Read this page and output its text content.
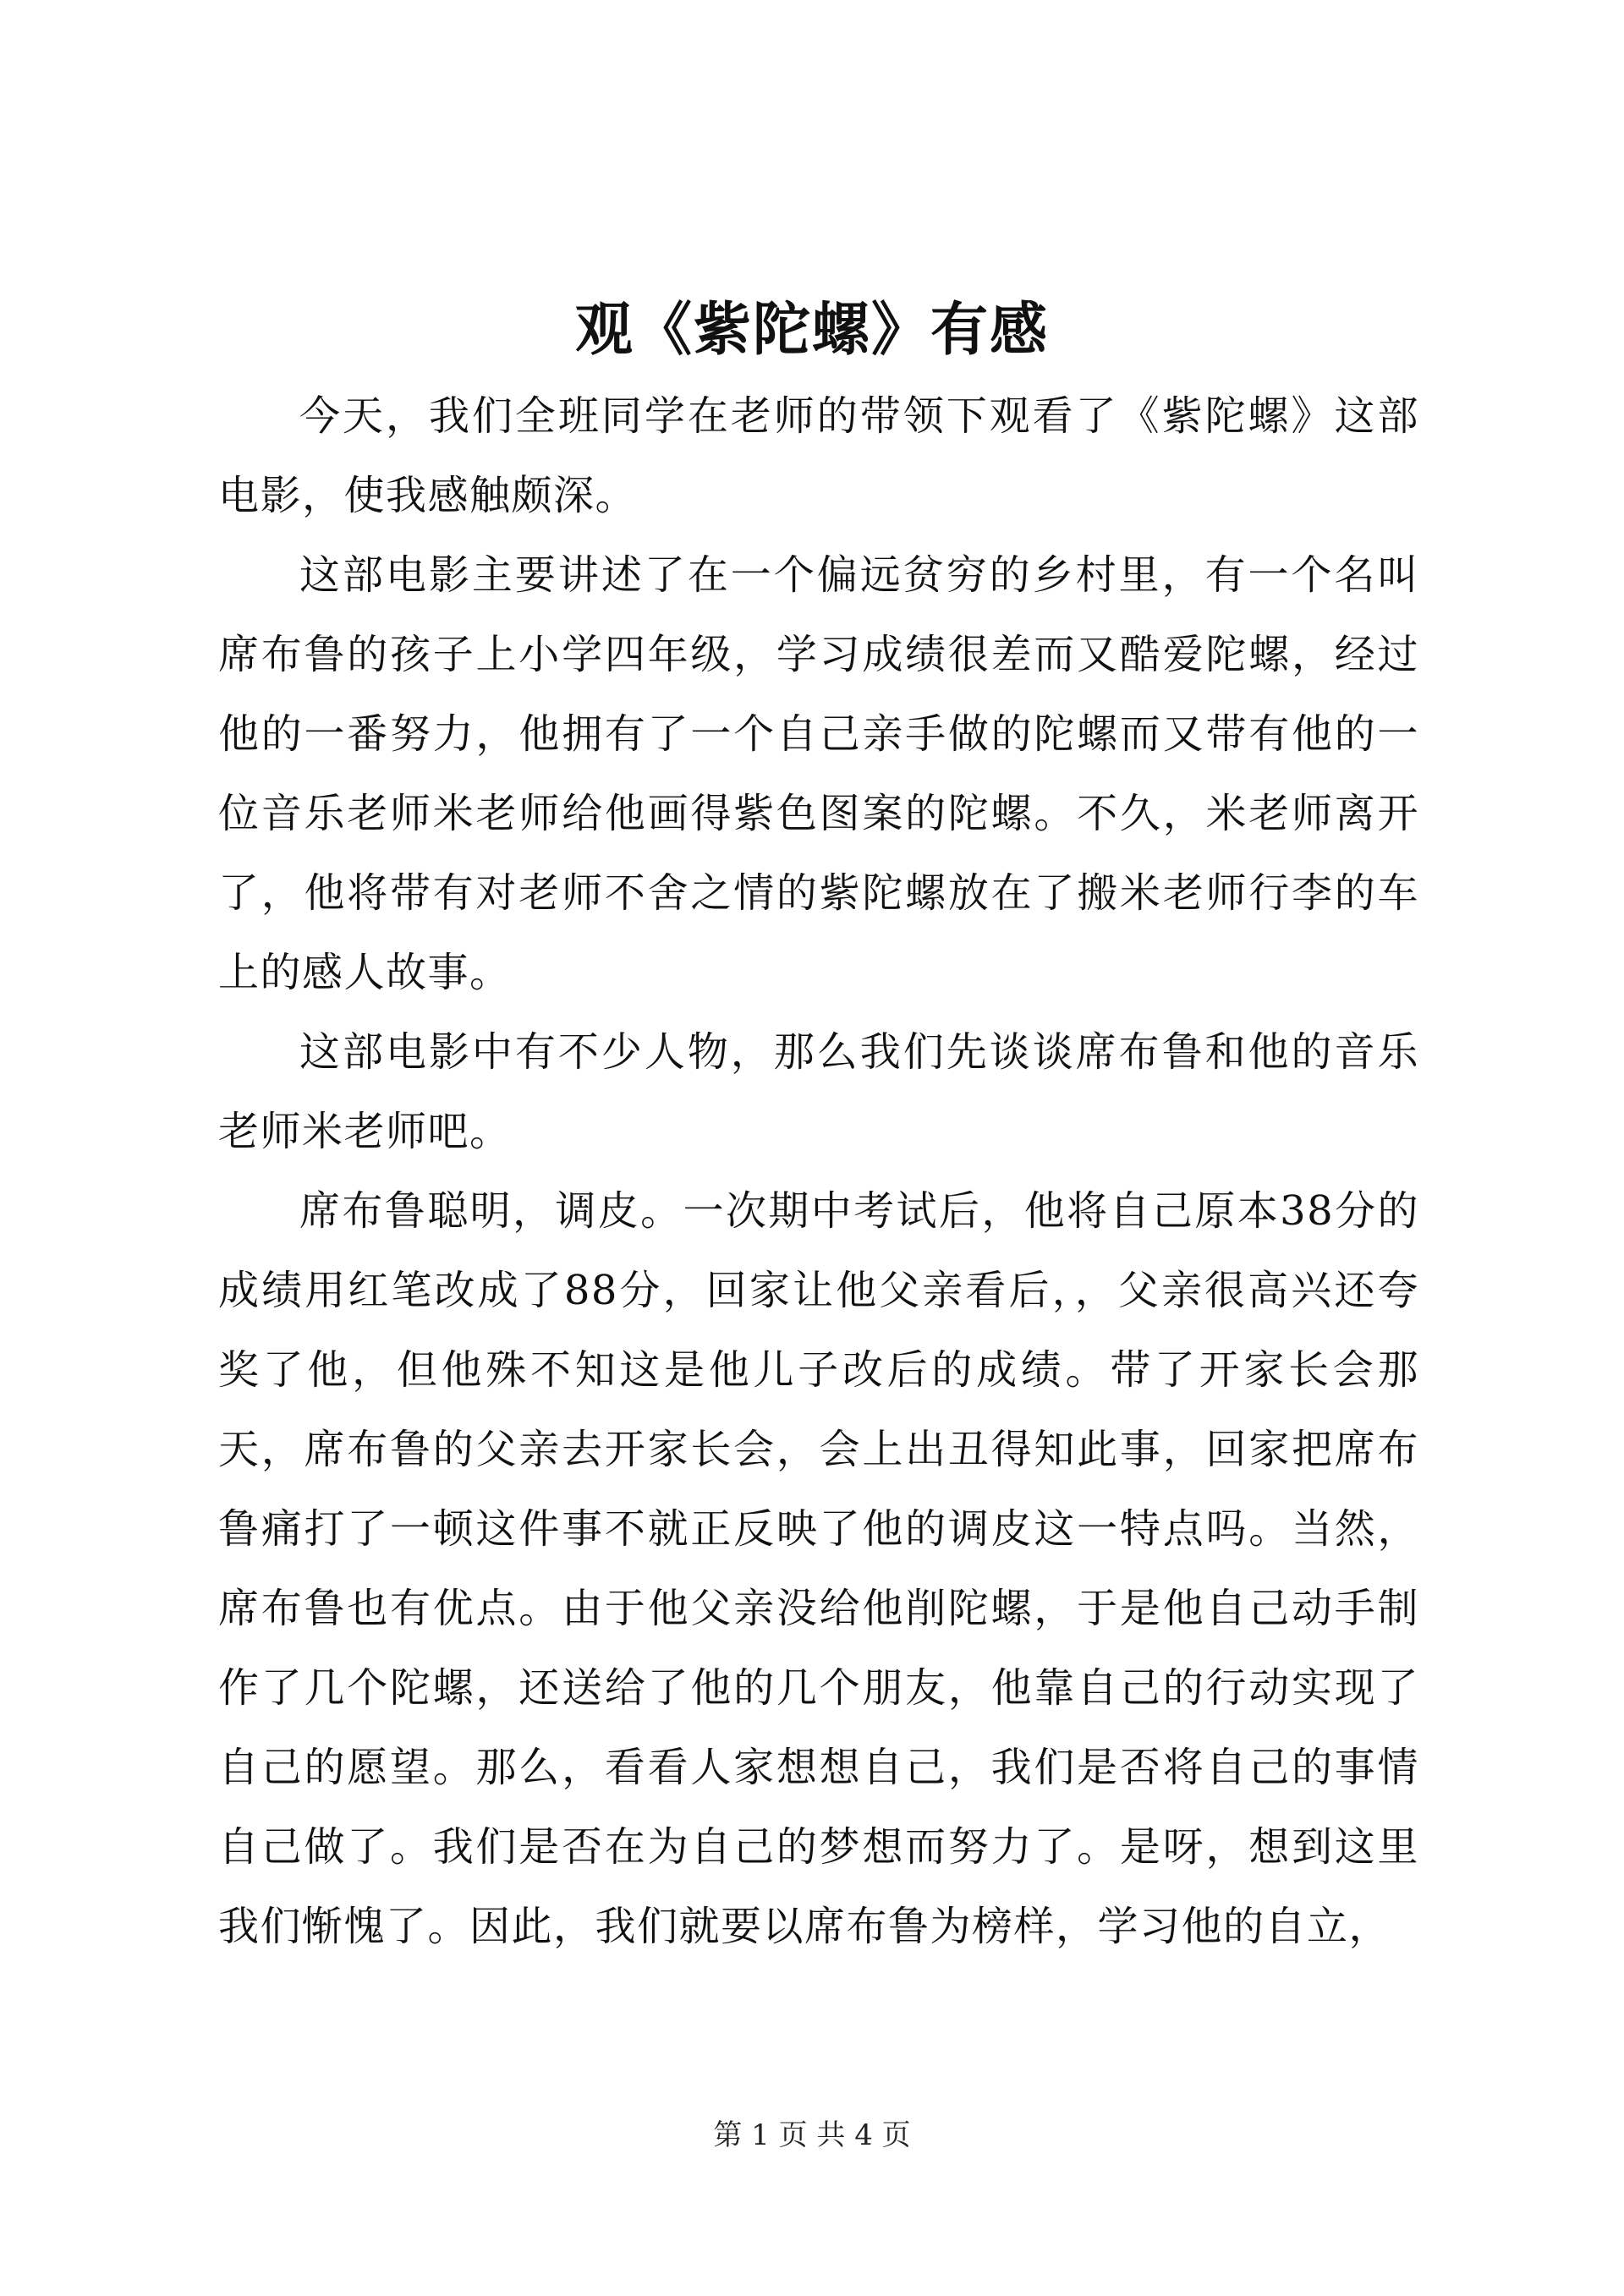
观《紫陀螺》有感

今天，我们全班同学在老师的带领下观看了《紫陀螺》这部电影，使我感触颇深。

这部电影主要讲述了在一个偏远贫穷的乡村里，有一个名叫席布鲁的孩子上小学四年级，学习成绩很差而又酷爱陀螺，经过他的一番努力，他拥有了一个自己亲手做的陀螺而又带有他的一位音乐老师米老师给他画得紫色图案的陀螺。不久，米老师离开了，他将带有对老师不舍之情的紫陀螺放在了搬米老师行李的车上的感人故事。

这部电影中有不少人物，那么我们先谈谈席布鲁和他的音乐老师米老师吧。

席布鲁聪明，调皮。一次期中考试后，他将自己原本38分的成绩用红笔改成了88分，回家让他父亲看后，，父亲很高兴还夸奖了他，但他殊不知这是他儿子改后的成绩。带了开家长会那天，席布鲁的父亲去开家长会，会上出丑得知此事，回家把席布鲁痛打了一顿这件事不就正反映了他的调皮这一特点吗。当然，席布鲁也有优点。由于他父亲没给他削陀螺，于是他自己动手制作了几个陀螺，还送给了他的几个朋友，他靠自己的行动实现了自己的愿望。那么，看看人家想想自己，我们是否将自己的事情自己做了。我们是否在为自己的梦想而努力了。是呀，想到这里我们惭愧了。因此，我们就要以席布鲁为榜样，学习他的自立，

第 1 页 共 4 页
